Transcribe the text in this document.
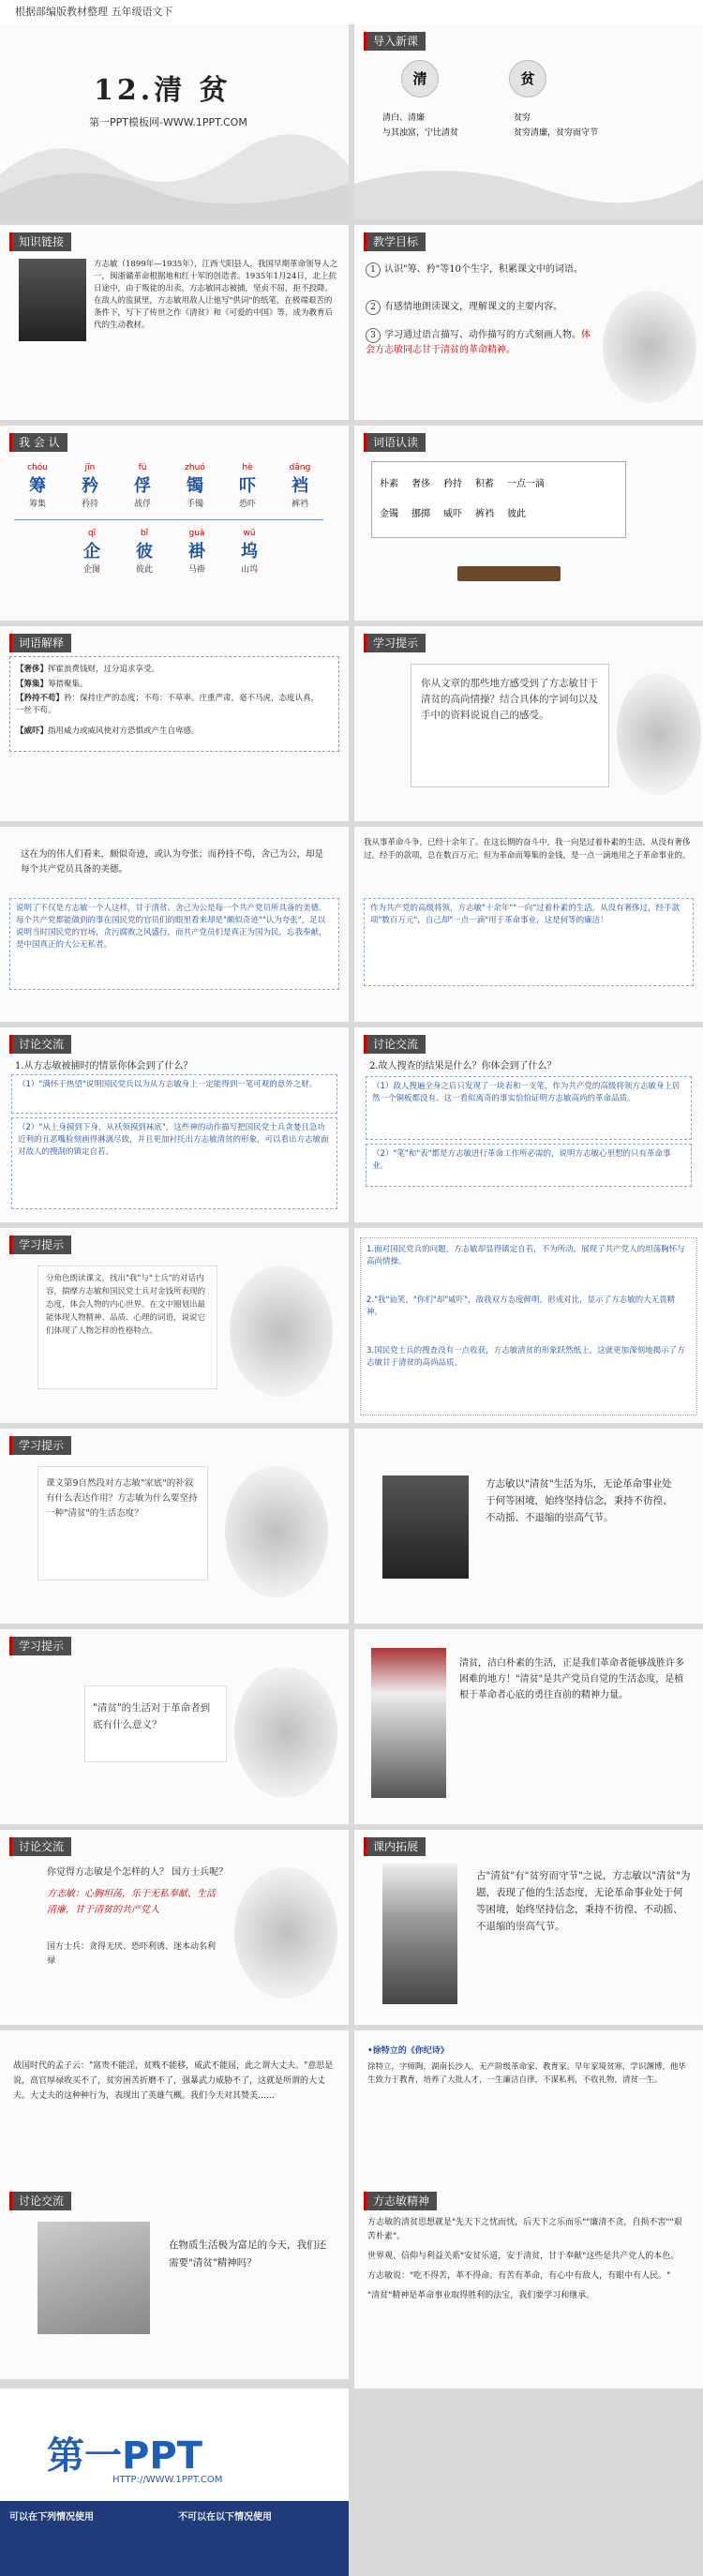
根据部编版教材整理 五年级语文下
12.清 贫
第一PPT模板网-WWW.1PPT.COM
导入新课
清	贫
清白、清廉
与其浊富，宁比清贫
贫穷
贫穷清廉，贫穷而守节
知识链接
方志敏（1899年—1935年），江西弋阳县人，我国早期革命领导人之一，闽浙赣革命根据地和红十军的创造者。1935年1月24日，北上抗日途中，由于叛徒的出卖，方志敏同志被捕，坚贞不屈，拒不投降。在敌人的监狱里，方志敏用敌人让他写"供词"的纸笔，在极端艰苦的条件下，写下了传世之作《清贫》和《可爱的中国》等，成为教育后代的生动教材。
教学目标
1 认识"筹、矜"等10个生字，积累课文中的词语。
2 有感情地朗读课文，理解课文的主要内容。
3 学习通过语言描写、动作描写的方式刻画人物。体会方志敏同志甘于清贫的革命精神。
我 会 认
chóu
筹
筹集
jīn
矜
矜持
fú
俘
战俘
zhuó
镯
手镯
hè
吓
恐吓
dāng
裆
裤裆
qī
企
企图
bǐ
彼
彼此
guà
褂
马褂
wū
坞
山坞
词语认读
朴素 奢侈 矜持 积蓄 一点一滴
金镯 挪掷 威吓 裤裆 彼此
词语解释
【奢侈】挥霍浪费钱财，过分追求享受。
【筹集】筹措聚集。
【矜持不苟】矜：保持庄严的态度；不苟：不草率。庄重严肃，毫不马虎，态度认真，一丝不苟。
【威吓】指用威力或威风使对方恐惧或产生自卑感。
学习提示
你从文章的那些地方感受到了方志敏甘于清贫的高尚情操？结合具体的字词句以及手中的资料说说自己的感受。
这在为的伟人们看来，颇似奇迹，或认为夸张；而矜持不苟，舍己为公，却是每个共产党员具备的美德。
说明了不仅是方志敏一个人这样，甘于清贫、舍己为公是每一个共产党员所具备的美德。每个共产党都能做到的事在国民党的官员们的眼里看来却是"颇似奇迹""认为夸张"，足以说明当时国民党的官场，贪污腐败之风盛行，而共产党员们是真正为国为民，忘我奉献，是中国真正的大公无私者。
我从事革命斗争，已经十余年了。在这长期的奋斗中，我一向是过着朴素的生活，从没有奢侈过。经手的款项，总在数百万元；但为革命而筹集的金钱，是一点一滴地用之于革命事业的。
作为共产党的高级将领，方志敏"十余年""一向"过着朴素的生活，从没有奢侈过，经手款项"数百万元"，自己却"一点一滴"用于革命事业，这是何等的廉洁！
讨论交流
1.从方志敏被捕时的情景你体会到了什么？
（1）"满怀于热望"说明国民党兵以为从方志敏身上一定能得到一笔可观的意外之财。
（2）"从上身摸到下身，从袄领摸到袜底"，这些神的动作描写把国民党士兵贪婪且急功近利的丑恶嘴脸刻画得淋漓尽致，并且更加衬托出方志敏清贫的形象，可以看出方志敏面对敌人的搜刮的镇定自若。
讨论交流
2.故人搜查的结果是什么？你体会到了什么？
（1）敌人搜遍全身之后只发现了一块表和一支笔，作为共产党的高级将领方志敏身上居然一个铜板都没有。这一看似离奇的事实恰恰证明方志敏高尚的革命品质。
（2）"笔"和"表"都是方志敏进行革命工作所必需的，说明方志敏心里想的只有革命事业。
学习提示
分角色朗读课文，找出"我"与"士兵"的对话内容，揣摩方志敏和国民党士兵对金钱所表现的态度，体会人物的内心世界。在文中圈划出最能体现人物精神、品质、心理的词语，说说它们体现了人物怎样的性格特点。
1.面对国民党兵的问题，方志敏却显得镇定自若，不为所动，展现了共产党人的坦荡胸怀与高尚情操。
2."我"讪笑，"你们"却"威吓"，敌我双方态度鲜明，形成对比，显示了方志敏的大无畏精神。
3.国民党士兵的搜查没有一点收获，方志敏清贫的形象跃然纸上，这就更加深刻地揭示了方志敏甘于清贫的高尚品质。
学习提示
课文第9自然段对方志敏"家底"的补叙有什么表达作用？方志敏为什么要坚持一种"清贫"的生活态度？
方志敏以"清贫"生活为乐，无论革命事业处于何等困境，始终坚持信念，秉持不彷徨、不动摇、不退缩的崇高气节。
学习提示
"清贫"的生活对于革命者到底有什么意义？
清贫，洁白朴素的生活，正是我们革命者能够战胜许多困难的地方！"清贫"是共产党员自觉的生活态度，是植根于革命者心底的勇往直前的精神力量。
讨论交流
你觉得方志敏是个怎样的人？ 国方士兵呢？
方志敏：心胸坦荡，乐于无私奉献、生活清廉，甘于清贫的共产党人
国方士兵：贪得无厌、恐吓利诱、迷本动名利禄
课内拓展
古"清贫"有"贫穷而守节"之说，方志敏以"清贫"为题，表现了他的生活态度，无论革命事业处于何等困境，始终坚持信念，秉持不彷徨、不动摇、不退缩的崇高气节。
战国时代的孟子云："富贵不能淫，贫贱不能移，威武不能屈，此之谓大丈夫。"意思是说，高官厚禄收买不了，贫穷困苦折磨不了，强暴武力威胁不了，这就是所谓的大丈夫。大丈夫的这种种行为，表现出了英雄气概。我们今天对其赞美……
•徐特立的《你纪诗》
徐特立，字师陶，湖南长沙人，无产阶级革命家、教育家。早年家境贫寒，学识渊博，他毕生致力于教育，培养了大批人才，一生廉洁自律，不谋私利，不收礼物，清贫一生。
讨论交流
在物质生活极为富足的今天，我们还需要"清贫"精神吗？
方志敏精神
方志敏的清贫思想就是"先天下之忧而忧，后天下之乐而乐""廉清不贪，自损不害""艰苦朴素"。
世界观、信仰与利益关系"安贫乐道，安于清贫，甘于奉献"这些是共产党人的本色。
方志敏说："吃不得苦，革不得命。有苦有革命，有心中有敌人，有眼中有人民。"
"清贫"精神是革命事业取得胜利的法宝，我们要学习和继承。
第一PPT
HTTP://WWW.1PPT.COM
可以在下列情况使用	不可以在以下情况使用
